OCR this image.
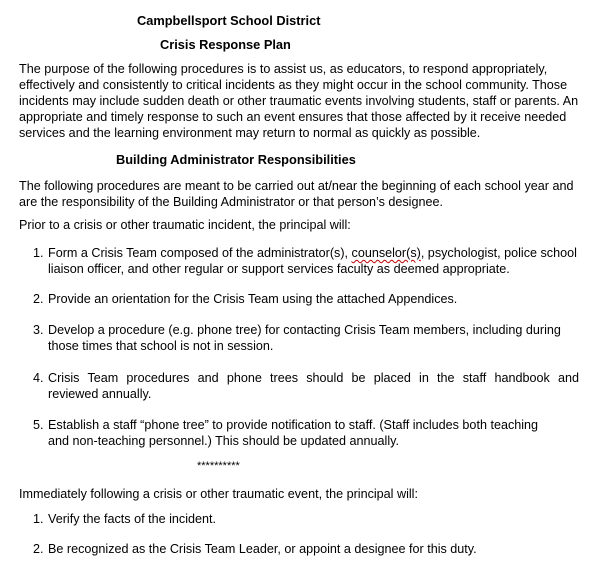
Campbellsport School District
Crisis Response Plan
The purpose of the following procedures is to assist us, as educators, to respond appropriately,
effectively and consistently to critical incidents as they might occur in the school community. Those
incidents may include sudden death or other traumatic events involving students, staff or parents. An
appropriate and timely response to such an event ensures that those affected by it receive needed
services and the learning environment may return to normal as quickly as possible.
Building Administrator Responsibilities
The following procedures are meant to be carried out at/near the beginning of each school year and
are the responsibility of the Building Administrator or that person’s designee.
Prior to a crisis or other traumatic incident, the principal will:
1. Form a Crisis Team composed of the administrator(s), counselor(s), psychologist, police school
liaison officer, and other regular or support services faculty as deemed appropriate.
2. Provide an orientation for the Crisis Team using the attached Appendices.
3. Develop a procedure (e.g. phone tree) for contacting Crisis Team members, including during
those times that school is not in session.
4. Crisis Team procedures and phone trees should be placed in the staff handbook and
reviewed annually.
5. Establish a staff “phone tree” to provide notification to staff. (Staff includes both teaching
and non-teaching personnel.) This should be updated annually.
**********
Immediately following a crisis or other traumatic event, the principal will:
1. Verify the facts of the incident.
2. Be recognized as the Crisis Team Leader, or appoint a designee for this duty.
